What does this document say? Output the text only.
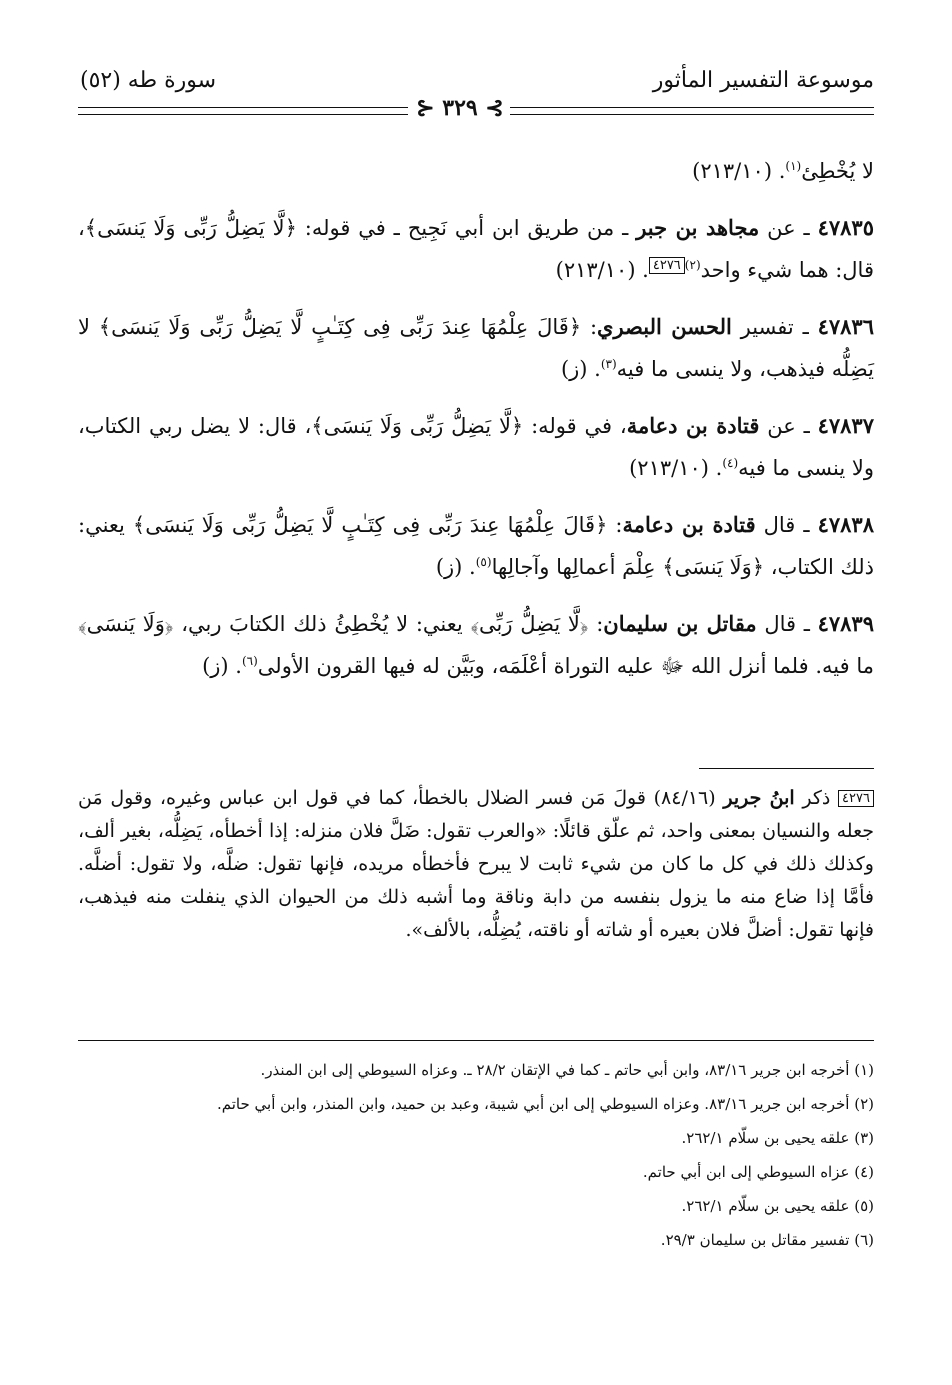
موسوعة التفسير المأثور
سورة طه (٥٢)
⊱ ٣٢٩ ⊰

لا يُخْطِئ$^{(١)}$. (٢١٣/١٠)

٤٧٨٣٥ ـ عن مجاهد بن جبر ـ من طريق ابن أبي نَجِيح ـ في قوله: ﴿لَّا يَضِلُّ رَبِّى وَلَا يَنسَى﴾، قال: هما شيء واحد$^{(٢)٤٢٧٦}$. (٢١٣/١٠)

٤٧٨٣٦ ـ تفسير الحسن البصري: ﴿قَالَ عِلْمُهَا عِندَ رَبِّى فِى كِتَـٰبٍ لَّا يَضِلُّ رَبِّى وَلَا يَنسَى﴾ لا يَضِلُّه فيذهب، ولا ينسى ما فيه$^{(٣)}$. (ز)

٤٧٨٣٧ ـ عن قتادة بن دعامة، في قوله: ﴿لَّا يَضِلُّ رَبِّى وَلَا يَنسَى﴾، قال: لا يضل ربي الكتاب، ولا ينسى ما فيه$^{(٤)}$. (٢١٣/١٠)

٤٧٨٣٨ ـ قال قتادة بن دعامة: ﴿قَالَ عِلْمُهَا عِندَ رَبِّى فِى كِتَـٰبٍ لَّا يَضِلُّ رَبِّى وَلَا يَنسَى﴾ يعني: ذلك الكتاب، ﴿وَلَا يَنسَى﴾ عِلْمَ أعمالِها وآجالِها$^{(٥)}$. (ز)

٤٧٨٣٩ ـ قال مقاتل بن سليمان: ﴿لَّا يَضِلُّ رَبِّى﴾ يعني: لا يُخْطِئُ ذلك الكتابَ ربي، ﴿وَلَا يَنسَى﴾ ما فيه. فلما أنزل الله ﷻ عليه التوراة أعْلَمَه، وبَيَّن له فيها القرون الأولى$^{(٦)}$. (ز)

$^{٤٢٧٦}$ ذكر ابنُ جرير (٨٤/١٦) قولَ مَن فسر الضلال بالخطأ، كما في قول ابن عباس وغيره، وقول مَن جعله والنسيان بمعنى واحد، ثم علّق قائلًا: «والعرب تقول: ضَلَّ فلان منزله: إذا أخطأه، يَضِلُّه، بغير ألف، وكذلك ذلك في كل ما كان من شيء ثابت لا يبرح فأخطأه مريده، فإنها تقول: ضلَّه، ولا تقول: أضلَّه. فأمَّا إذا ضاع منه ما يزول بنفسه من دابة وناقة وما أشبه ذلك من الحيوان الذي ينفلت منه فيذهب، فإنها تقول: أضلَّ فلان بعيره أو شاته أو ناقته، يُضِلُّه، بالألف».

(١) أخرجه ابن جرير ٨٣/١٦، وابن أبي حاتم ـ كما في الإتقان ٢٨/٢ ـ. وعزاه السيوطي إلى ابن المنذر.

(٢) أخرجه ابن جرير ٨٣/١٦. وعزاه السيوطي إلى ابن أبي شيبة، وعبد بن حميد، وابن المنذر، وابن أبي حاتم.

(٣) علقه يحيى بن سلّام ٢٦٢/١.

(٤) عزاه السيوطي إلى ابن أبي حاتم.

(٥) علقه يحيى بن سلّام ٢٦٢/١.

(٦) تفسير مقاتل بن سليمان ٢٩/٣.
